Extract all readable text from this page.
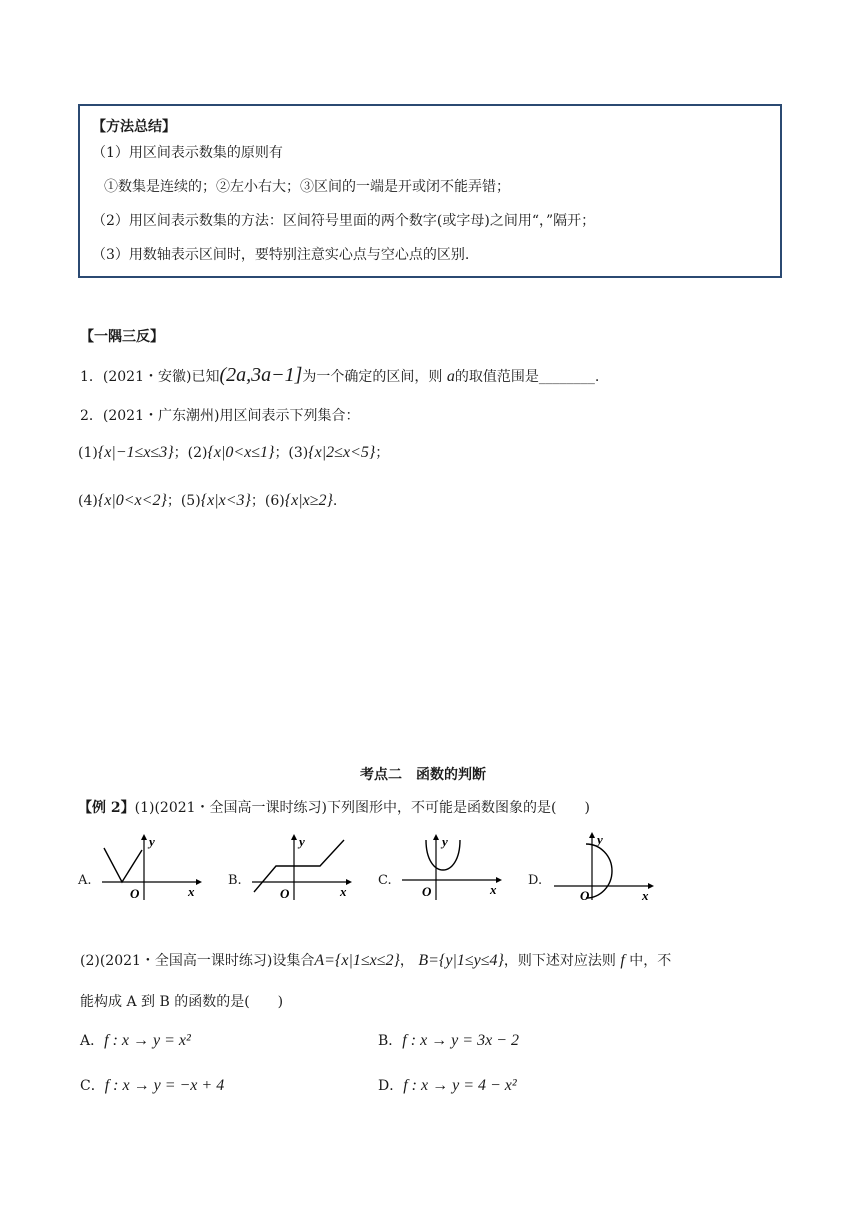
【方法总结】
（1）用区间表示数集的原则有
①数集是连续的；②左小右大；③区间的一端是开或闭不能弄错；
（2）用区间表示数集的方法：区间符号里面的两个数字(或字母)之间用“，”隔开；
（3）用数轴表示区间时，要特别注意实心点与空心点的区别.
【一隅三反】
1．(2021・安徽)已知(2a,3a−1]为一个确定的区间，则 a的取值范围是________.
2．(2021・广东潮州)用区间表示下列集合：
(1){x|−1≤x≤3}；(2){x|0<x≤1}；(3){x|2≤x<5}；
(4){x|0<x<2}；(5){x|x<3}；(6){x|x≥2}.
考点二　函数的判断
【例 2】(1)(2021・全国高一课时练习)下列图形中，不可能是函数图象的是(　　)
A.
y
x
O
B.
y
x
O
C.
y
x
O
D.
y
x
O
(2)(2021・全国高一课时练习)设集合A={x|1≤x≤2}， B={y|1≤y≤4}，则下述对应法则 f 中，不
能构成 A 到 B 的函数的是(　　)
A．f : x → y = x²	B．f : x → y = 3x − 2
C．f : x → y = −x + 4	D．f : x → y = 4 − x²
